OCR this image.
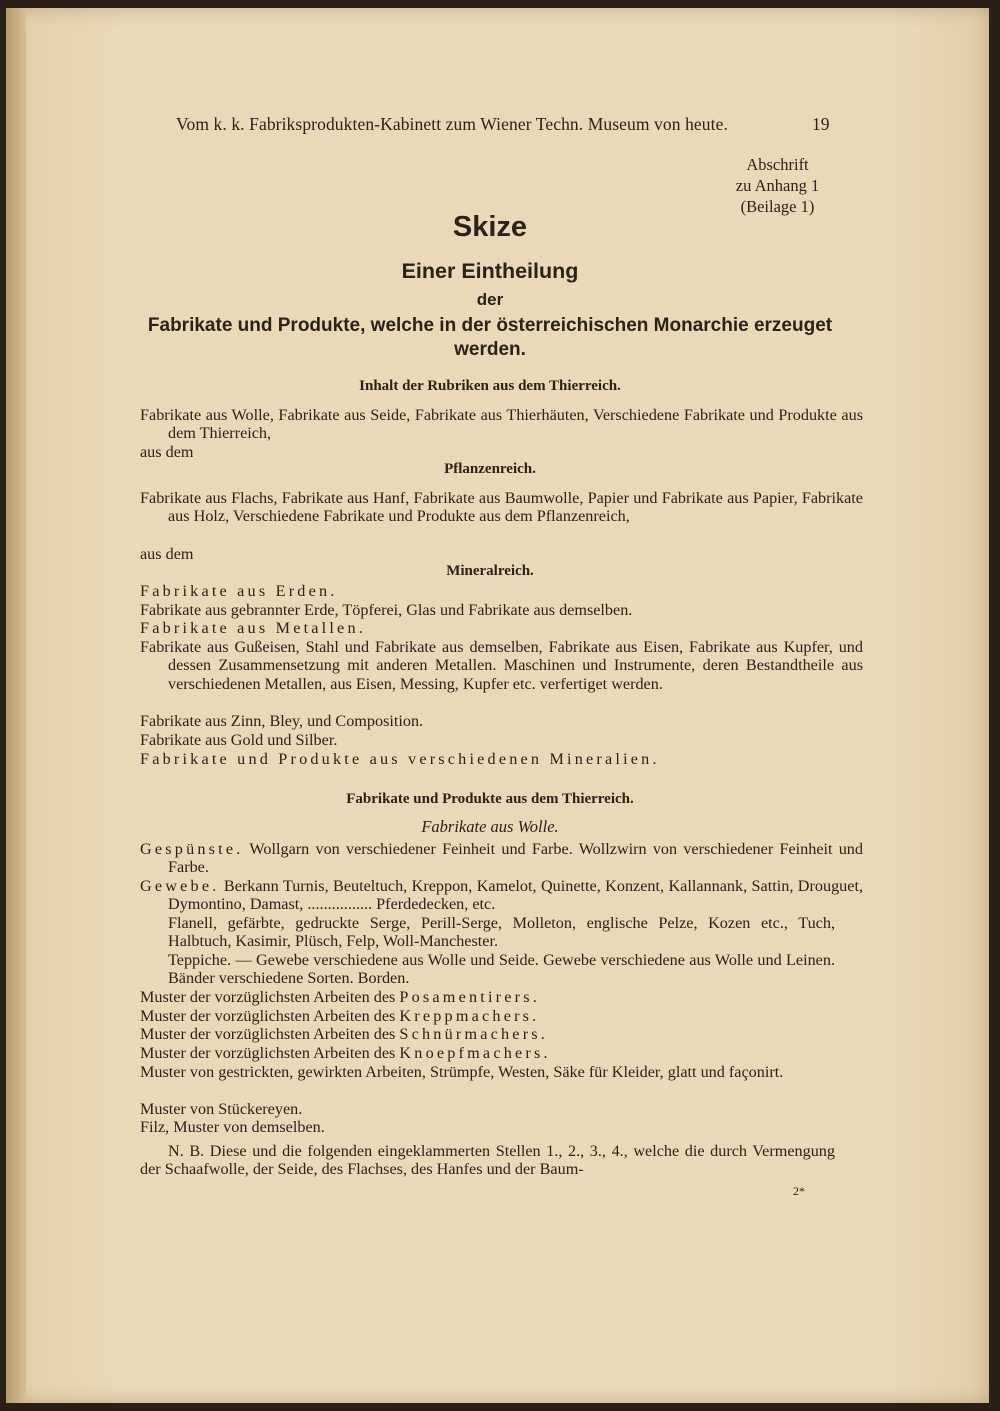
Vom k. k. Fabriksprodukten-Kabinett zum Wiener Techn. Museum von heute.	19
Abschrift
zu Anhang 1
(Beilage 1)
Skize
Einer Eintheilung
der
Fabrikate und Produkte, welche in der österreichischen Monarchie erzeuget werden.
Inhalt der Rubriken aus dem Thierreich.
Fabrikate aus Wolle, Fabrikate aus Seide, Fabrikate aus Thierhäuten, Verschiedene Fabrikate und Produkte aus dem Thierreich,
aus dem
Pflanzenreich.
Fabrikate aus Flachs, Fabrikate aus Hanf, Fabrikate aus Baumwolle, Papier und Fabrikate aus Papier, Fabrikate aus Holz, Verschiedene Fabrikate und Produkte aus dem Pflanzenreich,
aus dem
Mineralreich.
Fabrikate aus Erden.
Fabrikate aus gebrannter Erde, Töpferei, Glas und Fabrikate aus demselben.
Fabrikate aus Metallen.
Fabrikate aus Gußeisen, Stahl und Fabrikate aus demselben, Fabrikate aus Eisen, Fabrikate aus Kupfer, und dessen Zusammensetzung mit anderen Metallen. Maschinen und Instrumente, deren Bestandtheile aus verschiedenen Metallen, aus Eisen, Messing, Kupfer etc. verfertiget werden.
Fabrikate aus Zinn, Bley, und Composition.
Fabrikate aus Gold und Silber.
Fabrikate und Produkte aus verschiedenen Mineralien.
Fabrikate und Produkte aus dem Thierreich.
Fabrikate aus Wolle.
Gespünste. Wollgarn von verschiedener Feinheit und Farbe. Wollzwirn von verschiedener Feinheit und Farbe.
Gewebe. Berkann Turnis, Beuteltuch, Kreppon, Kamelot, Quinette, Konzent, Kallannank, Sattin, Drouguet, Dymontino, Damast, ................ Pferdedecken, etc.
Flanell, gefärbte, gedruckte Serge, Perill-Serge, Molleton, englische Pelze, Kozen etc., Tuch, Halbtuch, Kasimir, Plüsch, Felp, Woll-Manchester.
Teppiche. — Gewebe verschiedene aus Wolle und Seide. Gewebe verschiedene aus Wolle und Leinen. Bänder verschiedene Sorten. Borden.
Muster der vorzüglichsten Arbeiten des Posamentirers.
Muster der vorzüglichsten Arbeiten des Kreppmachers.
Muster der vorzüglichsten Arbeiten des Schnürmachers.
Muster der vorzüglichsten Arbeiten des Knoepfmachers.
Muster von gestrickten, gewirkten Arbeiten, Strümpfe, Westen, Säke für Kleider, glatt und façonirt.
Muster von Stückereyen.
Filz, Muster von demselben.
N. B. Diese und die folgenden eingeklammerten Stellen 1., 2., 3., 4., welche die durch Vermengung der Schaafwolle, der Seide, des Flachses, des Hanfes und der Baum-
2*
